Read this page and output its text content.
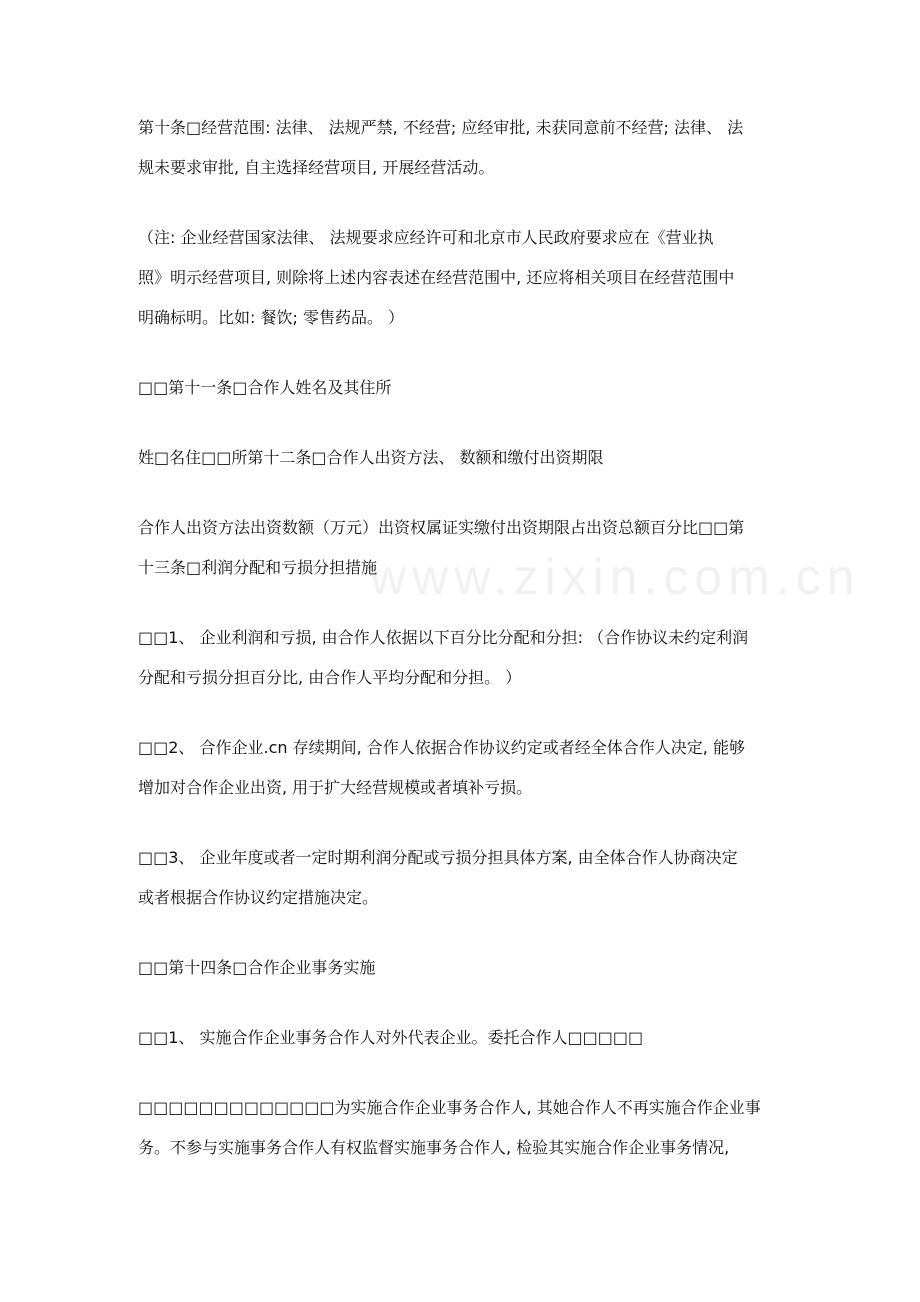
www.zixin.com.cn
第十条□经营范围: 法律、 法规严禁, 不经营; 应经审批, 未获同意前不经营; 法律、 法
规未要求审批, 自主选择经营项目, 开展经营活动。
（注: 企业经营国家法律、 法规要求应经许可和北京市人民政府要求应在《营业执
照》明示经营项目, 则除将上述内容表述在经营范围中, 还应将相关项目在经营范围中
明确标明。比如: 餐饮; 零售药品。 ）
□□第十一条□合作人姓名及其住所
姓□名住□□所第十二条□合作人出资方法、 数额和缴付出资期限
合作人出资方法出资数额（万元）出资权属证实缴付出资期限占出资总额百分比□□第
十三条□利润分配和亏损分担措施
□□1、 企业利润和亏损, 由合作人依据以下百分比分配和分担: （合作协议未约定利润
分配和亏损分担百分比, 由合作人平均分配和分担。 ）
□□2、 合作企业.cn 存续期间, 合作人依据合作协议约定或者经全体合作人决定, 能够
增加对合作企业出资, 用于扩大经营规模或者填补亏损。
□□3、 企业年度或者一定时期利润分配或亏损分担具体方案, 由全体合作人协商决定
或者根据合作协议约定措施决定。
□□第十四条□合作企业事务实施
□□1、 实施合作企业事务合作人对外代表企业。委托合作人□□□□□
□□□□□□□□□□□□□为实施合作企业事务合作人, 其她合作人不再实施合作企业事
务。不参与实施事务合作人有权监督实施事务合作人, 检验其实施合作企业事务情况,
